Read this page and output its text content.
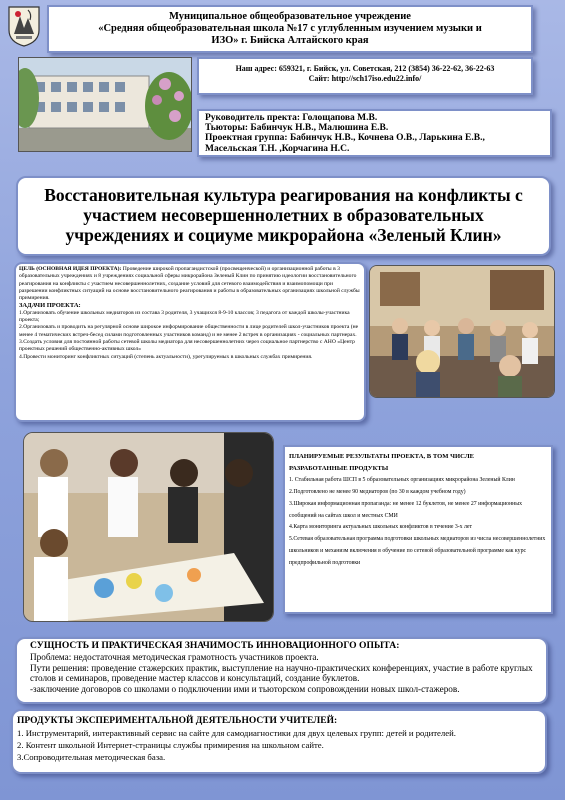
Муниципальное общеобразовательное учреждение
«Средняя общеобразовательная школа №17 с углубленным изучением музыки и
ИЗО» г. Бийска Алтайского края
Наш адрес: 659321, г. Бийск, ул. Советская, 212 (3854) 36-22-62, 36-22-63
Сайт: http://sch17iso.edu22.info/
Руководитель пректа: Голощапова М.В.
Тьюторы: Бабинчук Н.В., Малюшина Е.В.
Проектная группа: Бабинчук Н.В., Кочнева О.В., Ларькина Е.В.,
Масельская Т.Н. ,Корчагина Н.С.
Восстановительная культура реагирования на конфликты с
участием несовершеннолетних в образовательных
учреждениях и социуме микрорайона «Зеленый Клин»
ЦЕЛЬ (ОСНОВНАЯ ИДЕЯ ПРОЕКТА): Проведение широкой пропагандистской (просвещенческой) и организационной работы в 3 образовательных учреждениях и 8 учреждениях социальной сферы микрорайона Зеленый Клин по принятию идеологии восстановительного реагирования на конфликты с участием несовершеннолетних, создание условий для сетевого взаимодействия и взаимопомощи при разрешении конфликтных ситуаций на основе восстановительного реагирования и работы в образовательных организациях школьной службы примирения.
ЗАДАЧИ ПРОЕКТА:
1.Организовать обучение школьных медиаторов из состава 3 родителя, 3 учащихся 8-9-10 классов; 3 педагога от каждой школы-участника проекта;
2.Организовать и проводить на регулярной основе широкое информирование общественности в лице родителей школ-участников проекта (не менее 4 тематических встреч-бесед силами подготовленных участников команд) и не менее 2 встреч в организациях - социальных партнерах.
3.Создать условия для постоянной работы сетевой школы медиатора для несовершеннолетних через социальное партнерство с АНО «Центр проектных решений общественно-активных школ»
4.Провести мониторинг конфликтных ситуаций (степень актуальности), урегулируемых в школьных службах примирения.
ПЛАНИРУЕМЫЕ РЕЗУЛЬТАТЫ ПРОЕКТА, В ТОМ ЧИСЛЕ
РАЗРАБОТАННЫЕ ПРОДУКТЫ
1. Стабильная работа ШСП в 5 образовательных организациях микрорайона Зеленый Клин
2.Подготовлено не менее 90 медиаторов (по 30 в каждом учебном году)
3.Широкая информационная пропаганда: не менее 12 буклетов, не менее 27 информационных сообщений на сайтах школ и местных СМИ
4.Карта мониторинга актуальных школьных конфликтов в течение 3-х лет
5.Сетевая образовательная программа подготовки школьных медиаторов из числа несовершеннолетних школьников и механизм включения в обучение по сетевой образовательной программе как курс предпрофильной подготовки
СУЩНОСТЬ И ПРАКТИЧЕСКАЯ ЗНАЧИМОСТЬ ИННОВАЦИОННОГО ОПЫТА:
Проблема: недостаточная методическая грамотность участников проекта.
Пути решения: проведение стажерских практик, выступление на научно-практических конференциях, участие в работе круглых столов и семинаров, проведение мастер классов и консультаций, создание буклетов.
-заключение договоров со школами о подключении ими и тьюторском сопровождении новых школ-стажеров.
ПРОДУКТЫ ЭКСПЕРИМЕНТАЛЬНОЙ ДЕЯТЕЛЬНОСТИ УЧИТЕЛЕЙ:
1. Инструментарий, интерактивный сервис на сайте для самодиагностики для двух целевых групп: детей и родителей.
2. Контент школьной Интернет-страницы службы примирения на школьном сайте.
3.Сопроводительная методическая база.
